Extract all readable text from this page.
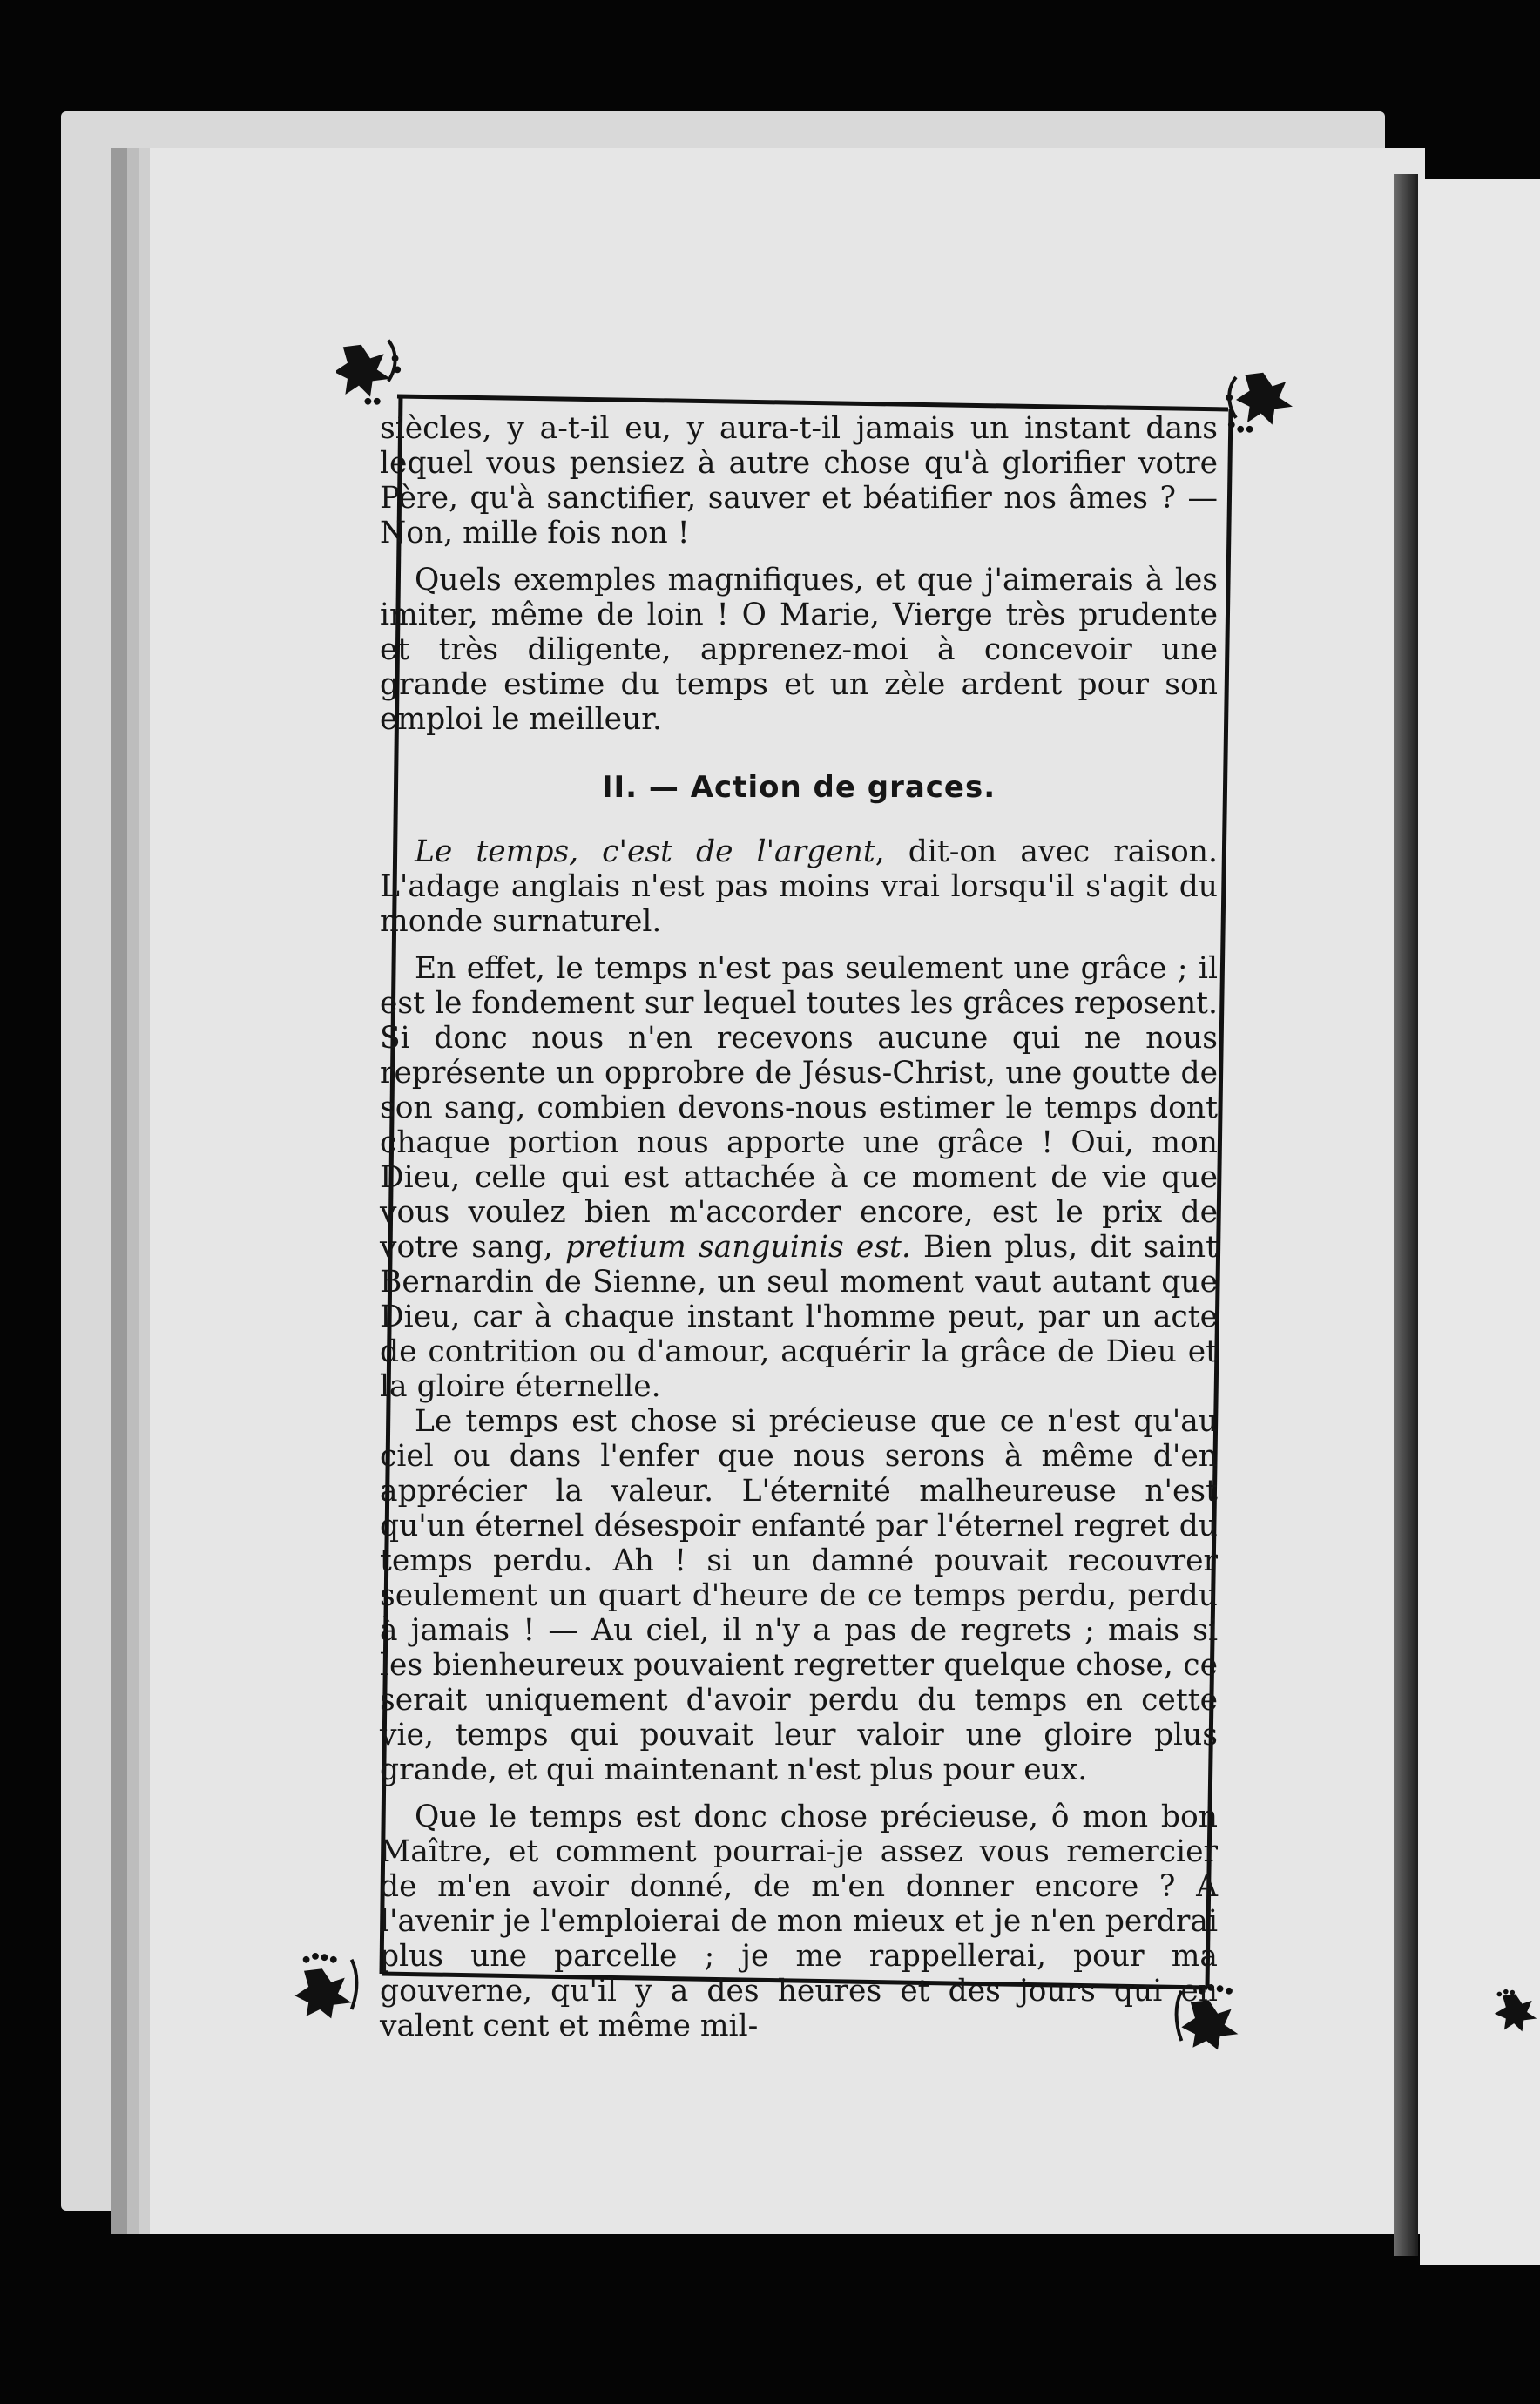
siècles, y a-t-il eu, y aura-t-il jamais un instant dans lequel vous pensiez à autre chose qu'à glorifier votre Père, qu'à sanctifier, sauver et béatifier nos âmes ? — Non, mille fois non !

Quels exemples magnifiques, et que j'aimerais à les imiter, même de loin ! O Marie, Vierge très prudente et très diligente, apprenez-moi à concevoir une grande estime du temps et un zèle ardent pour son emploi le meilleur.

II. — Action de graces.

Le temps, c'est de l'argent, dit-on avec raison. L'adage anglais n'est pas moins vrai lorsqu'il s'agit du monde surnaturel.

En effet, le temps n'est pas seulement une grâce ; il est le fondement sur lequel toutes les grâces reposent. Si donc nous n'en recevons aucune qui ne nous représente un opprobre de Jésus-Christ, une goutte de son sang, combien devons-nous estimer le temps dont chaque portion nous apporte une grâce ! Oui, mon Dieu, celle qui est attachée à ce moment de vie que vous voulez bien m'accorder encore, est le prix de votre sang, pretium sanguinis est. Bien plus, dit saint Bernardin de Sienne, un seul moment vaut autant que Dieu, car à chaque instant l'homme peut, par un acte de contrition ou d'amour, acquérir la grâce de Dieu et la gloire éternelle.

Le temps est chose si précieuse que ce n'est qu'au ciel ou dans l'enfer que nous serons à même d'en apprécier la valeur. L'éternité malheureuse n'est qu'un éternel désespoir enfanté par l'éternel regret du temps perdu. Ah ! si un damné pouvait recouvrer seulement un quart d'heure de ce temps perdu, perdu à jamais ! — Au ciel, il n'y a pas de regrets ; mais si les bienheureux pouvaient regretter quelque chose, ce serait uniquement d'avoir perdu du temps en cette vie, temps qui pouvait leur valoir une gloire plus grande, et qui maintenant n'est plus pour eux.

Que le temps est donc chose précieuse, ô mon bon Maître, et comment pourrai-je assez vous remercier de m'en avoir donné, de m'en donner encore ? A l'avenir je l'emploierai de mon mieux et je n'en perdrai plus une parcelle ; je me rappellerai, pour ma gouverne, qu'il y a des heures et des jours qui en valent cent et même mil-
